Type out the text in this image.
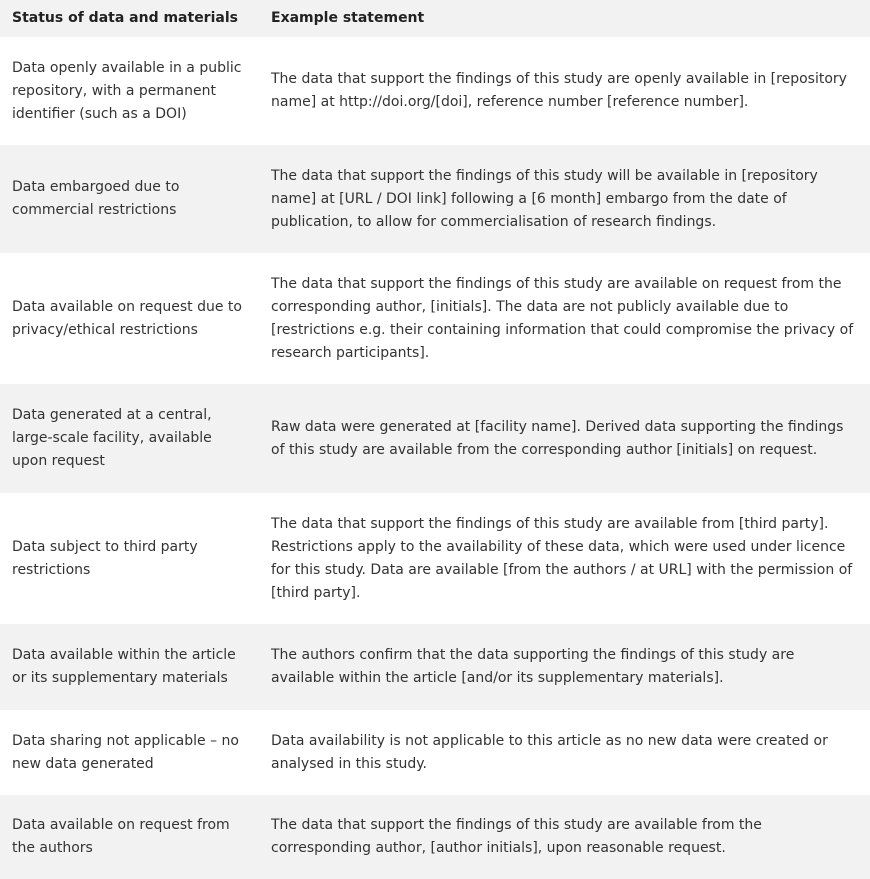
Status of data and materials	Example statement
Data openly available in a public repository, with a permanent identifier (such as a DOI)	The data that support the findings of this study are openly available in [repository name] at http://doi.org/[doi], reference number [reference number].
Data embargoed due to commercial restrictions	The data that support the findings of this study will be available in [repository name] at [URL / DOI link] following a [6 month] embargo from the date of publication, to allow for commercialisation of research findings.
Data available on request due to privacy/ethical restrictions	The data that support the findings of this study are available on request from the corresponding author, [initials]. The data are not publicly available due to [restrictions e.g. their containing information that could compromise the privacy of research participants].
Data generated at a central, large-scale facility, available upon request	Raw data were generated at [facility name]. Derived data supporting the findings of this study are available from the corresponding author [initials] on request.
Data subject to third party restrictions	The data that support the findings of this study are available from [third party]. Restrictions apply to the availability of these data, which were used under licence for this study. Data are available [from the authors / at URL] with the permission of [third party].
Data available within the article or its supplementary materials	The authors confirm that the data supporting the findings of this study are available within the article [and/or its supplementary materials].
Data sharing not applicable – no new data generated	Data availability is not applicable to this article as no new data were created or analysed in this study.
Data available on request from the authors	The data that support the findings of this study are available from the corresponding author, [author initials], upon reasonable request.
